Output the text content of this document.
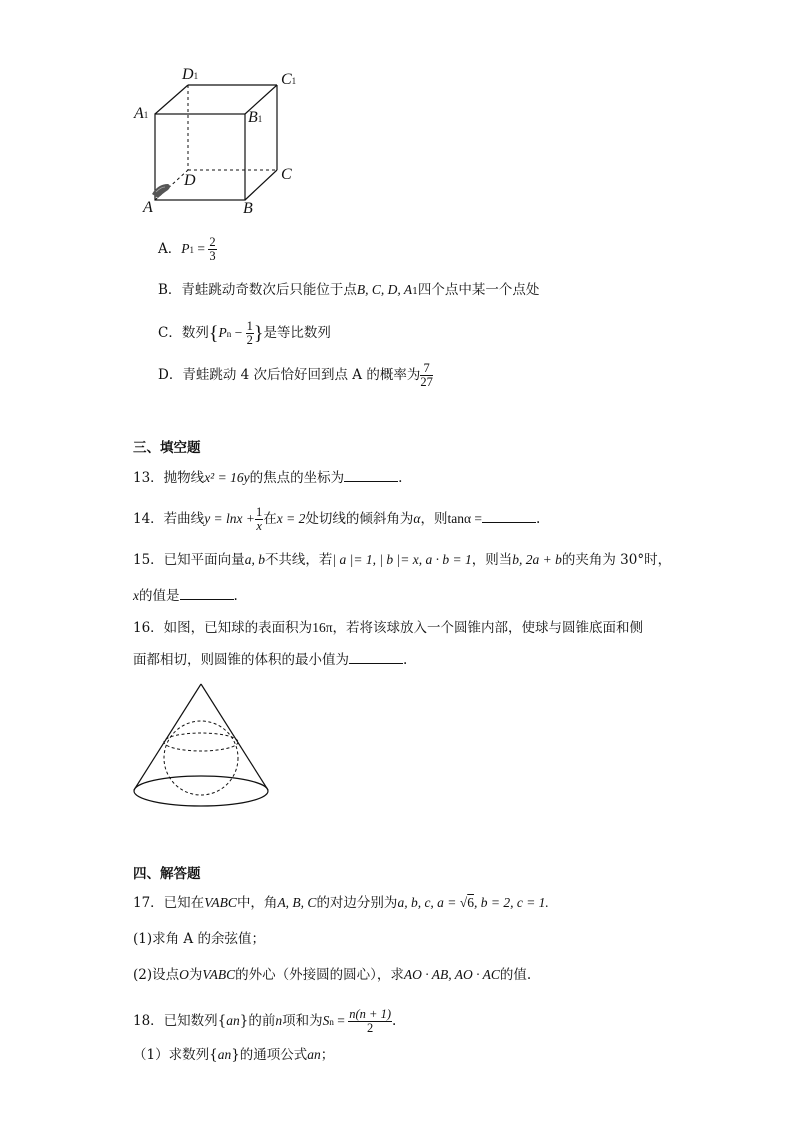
D1	C1
A1	B1
D	C
A	B
A．$P1 = \frac{2}{3}$
B．青蛙跳动奇数次后只能位于点B, C, D, A1四个点中某一个点处
C．数列{$Pn - \frac{1}{2}$ }是等比数列
D．青蛙跳动 4 次后恰好回到点 A 的概率为 $\frac{7}{27}$
三、填空题
13．抛物线x² = 16y的焦点的坐标为	.
14．若曲线$y = \ln x + \frac{1}{x}$ 在x = 2处切线的倾斜角为α，则tanα =	.
15．已知平面向量a, b不共线，若| a |= 1, | b |= x, a · b = 1，则当b, 2a + b的夹角为 30°时，
x的值是	.
16．如图，已知球的表面积为16π，若将该球放入一个圆锥内部，使球与圆锥底面和侧
面都相切，则圆锥的体积的最小值为	.
四、解答题
17．已知在VABC中，角A, B, C的对边分别为a, b, c, a = √6, b = 2, c = 1.
(1)求角 A 的余弦值；
(2)设点O为VABC的外心（外接圆的圆心），求AO · AB, AO · AC的值.
18．已知数列{an}的前n项和为$Sn = \frac{n(n + 1)}{2}$ .
（1）求数列{an}的通项公式an；
